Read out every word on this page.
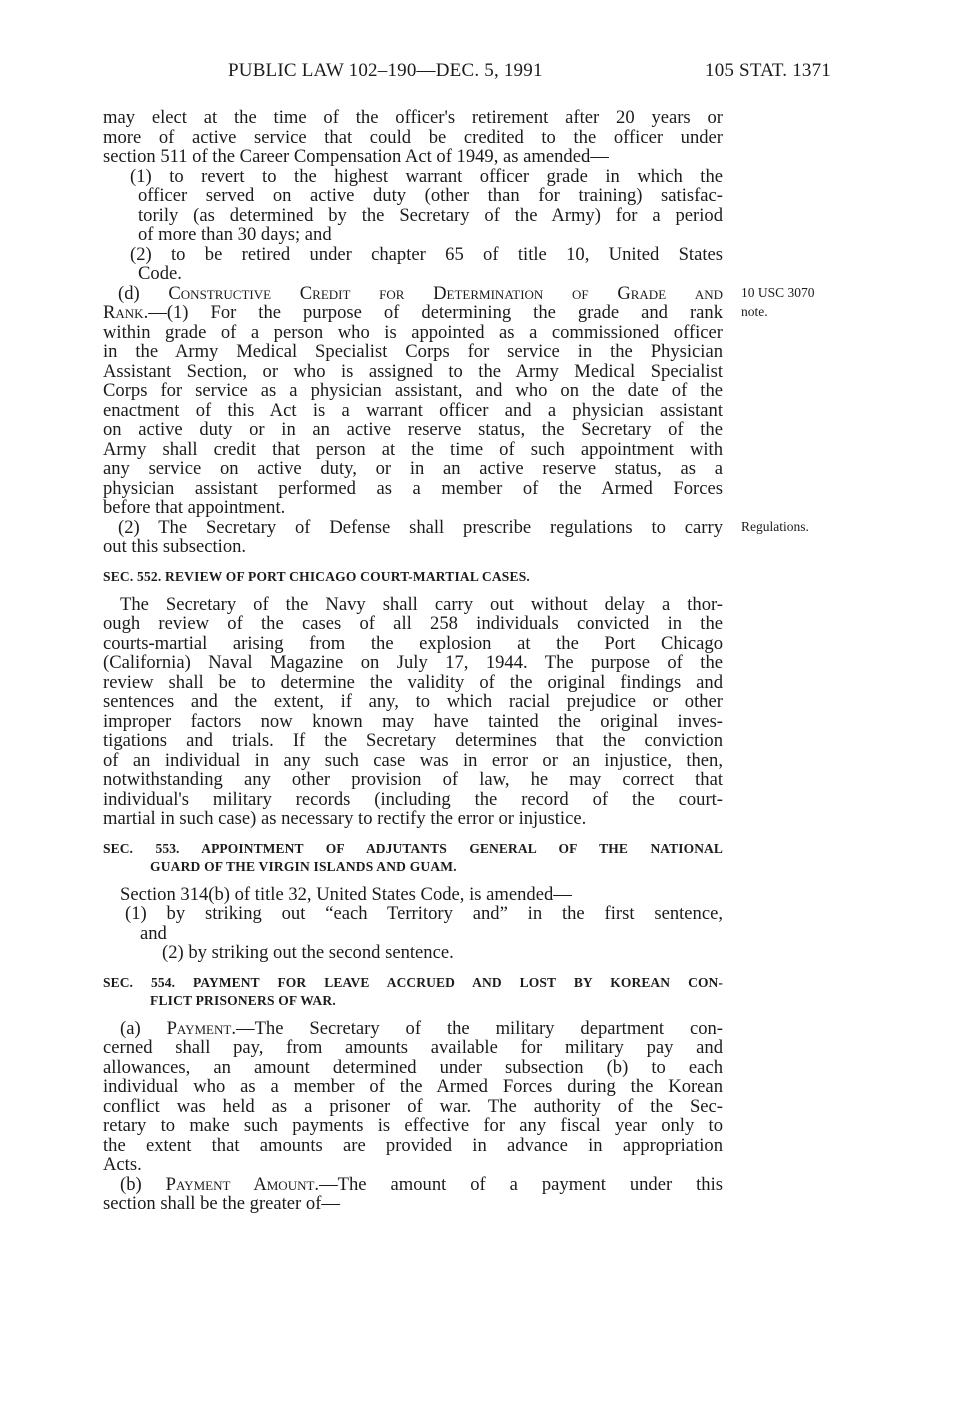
PUBLIC LAW 102–190—DEC. 5, 1991	105 STAT. 1371
may elect at the time of the officer's retirement after 20 years or
more of active service that could be credited to the officer under
section 511 of the Career Compensation Act of 1949, as amended—
(1) to revert to the highest warrant officer grade in which the
officer served on active duty (other than for training) satisfac-
torily (as determined by the Secretary of the Army) for a period
of more than 30 days; and
(2) to be retired under chapter 65 of title 10, United States
Code.
(d) Constructive Credit for Determination of Grade and
Rank.—(1) For the purpose of determining the grade and rank
within grade of a person who is appointed as a commissioned officer
in the Army Medical Specialist Corps for service in the Physician
Assistant Section, or who is assigned to the Army Medical Specialist
Corps for service as a physician assistant, and who on the date of the
enactment of this Act is a warrant officer and a physician assistant
on active duty or in an active reserve status, the Secretary of the
Army shall credit that person at the time of such appointment with
any service on active duty, or in an active reserve status, as a
physician assistant performed as a member of the Armed Forces
before that appointment.
10 USC 3070
note.
(2) The Secretary of Defense shall prescribe regulations to carry
out this subsection.
Regulations.
SEC. 552. REVIEW OF PORT CHICAGO COURT-MARTIAL CASES.
The Secretary of the Navy shall carry out without delay a thor-
ough review of the cases of all 258 individuals convicted in the
courts-martial arising from the explosion at the Port Chicago
(California) Naval Magazine on July 17, 1944. The purpose of the
review shall be to determine the validity of the original findings and
sentences and the extent, if any, to which racial prejudice or other
improper factors now known may have tainted the original inves-
tigations and trials. If the Secretary determines that the conviction
of an individual in any such case was in error or an injustice, then,
notwithstanding any other provision of law, he may correct that
individual's military records (including the record of the court-
martial in such case) as necessary to rectify the error or injustice.
SEC. 553. APPOINTMENT OF ADJUTANTS GENERAL OF THE NATIONAL
GUARD OF THE VIRGIN ISLANDS AND GUAM.
Section 314(b) of title 32, United States Code, is amended—
(1) by striking out “each Territory and” in the first sentence,
and
(2) by striking out the second sentence.
SEC. 554. PAYMENT FOR LEAVE ACCRUED AND LOST BY KOREAN CON-
FLICT PRISONERS OF WAR.
(a) Payment.—The Secretary of the military department con-
cerned shall pay, from amounts available for military pay and
allowances, an amount determined under subsection (b) to each
individual who as a member of the Armed Forces during the Korean
conflict was held as a prisoner of war. The authority of the Sec-
retary to make such payments is effective for any fiscal year only to
the extent that amounts are provided in advance in appropriation
Acts.
(b) Payment Amount.—The amount of a payment under this
section shall be the greater of—
